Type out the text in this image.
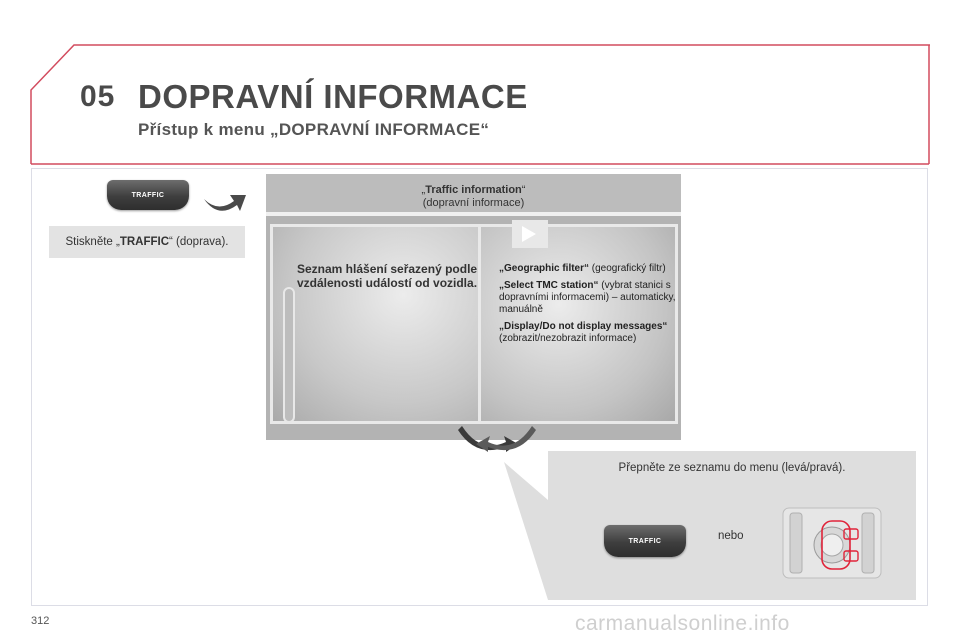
05 DOPRAVNÍ INFORMACE
Přístup k menu „DOPRAVNÍ INFORMACE“
TRAFFIC
Stiskněte „TRAFFIC“ (doprava).
„Traffic information“
(dopravní informace)
Seznam hlášení seřazený podle vzdálenosti událostí od vozidla.

„Geographic filter“ (geografický filtr)

„Select TMC station“ (vybrat stanici s dopravními informacemi) – automaticky, manuálně

„Display/Do not display messages“ (zobrazit/nezobrazit informace)

Přepněte ze seznamu do menu (levá/pravá).
TRAFFIC	nebo
312	carmanualsonline.info
